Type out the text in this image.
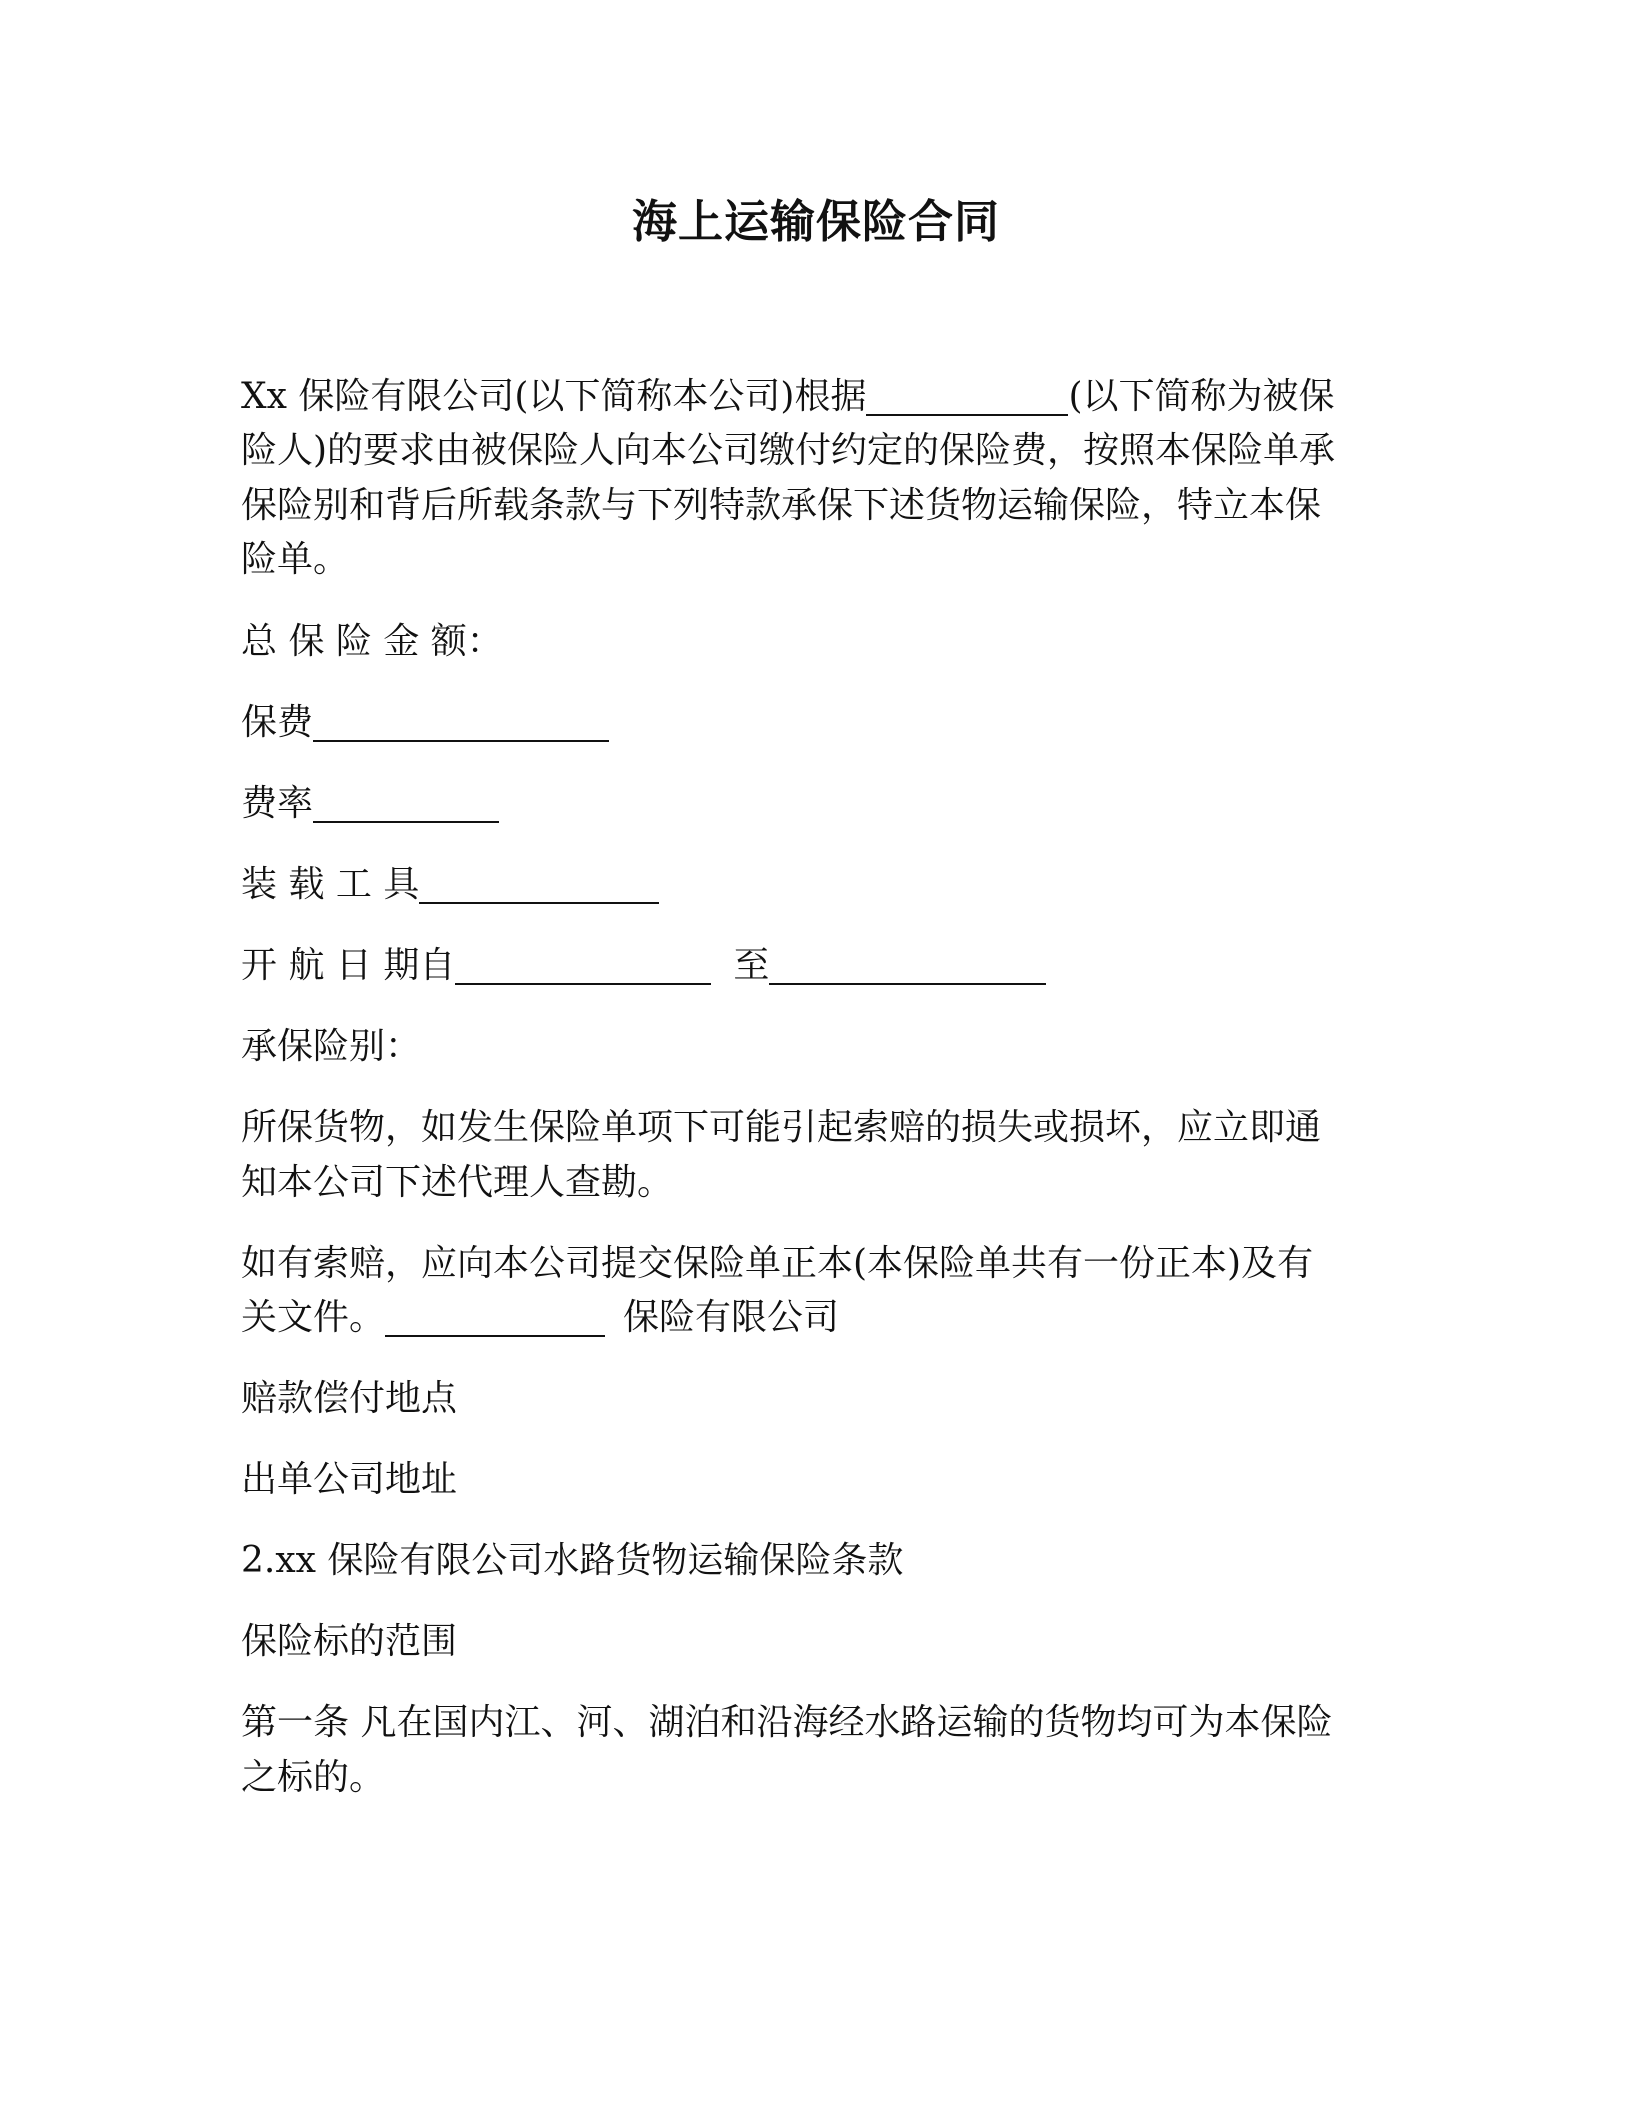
海上运输保险合同
Xx 保险有限公司(以下简称本公司)根据	(以下简称为被保
险人)的要求由被保险人向本公司缴付约定的保险费，按照本保险单承
保险别和背后所载条款与下列特款承保下述货物运输保险，特立本保
险单。
总 保 险 金 额：
保费
费率
装 载 工 具
开 航 日 期自	至
承保险别：
所保货物，如发生保险单项下可能引起索赔的损失或损坏，应立即通
知本公司下述代理人查勘。
如有索赔，应向本公司提交保险单正本(本保险单共有一份正本)及有
关文件。	保险有限公司
赔款偿付地点
出单公司地址
2.xx 保险有限公司水路货物运输保险条款
保险标的范围
第一条 凡在国内江、河、湖泊和沿海经水路运输的货物均可为本保险
之标的。
